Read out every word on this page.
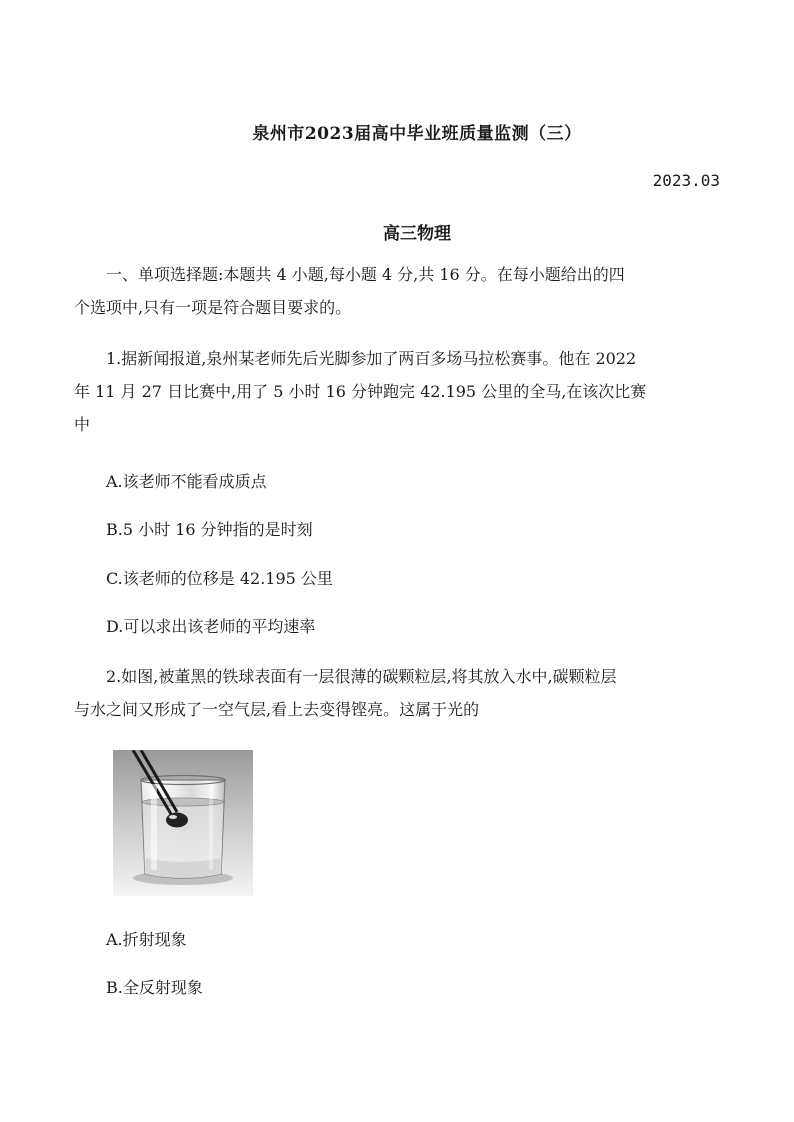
泉州市2023届高中毕业班质量监测（三）
2023.03
高三物理

一、单项选择题:本题共 4 小题,每小题 4 分,共 16 分。在每小题给出的四
个选项中,只有一项是符合题目要求的。

1.据新闻报道,泉州某老师先后光脚参加了两百多场马拉松赛事。他在 2022
年 11 月 27 日比赛中,用了 5 小时 16 分钟跑完 42.195 公里的全马,在该次比赛
中

A.该老师不能看成质点
B.5 小时 16 分钟指的是时刻
C.该老师的位移是 42.195 公里
D.可以求出该老师的平均速率

2.如图,被董黑的铁球表面有一层很薄的碳颗粒层,将其放入水中,碳颗粒层
与水之间又形成了一空气层,看上去变得铿亮。这属于光的

A.折射现象
B.全反射现象
